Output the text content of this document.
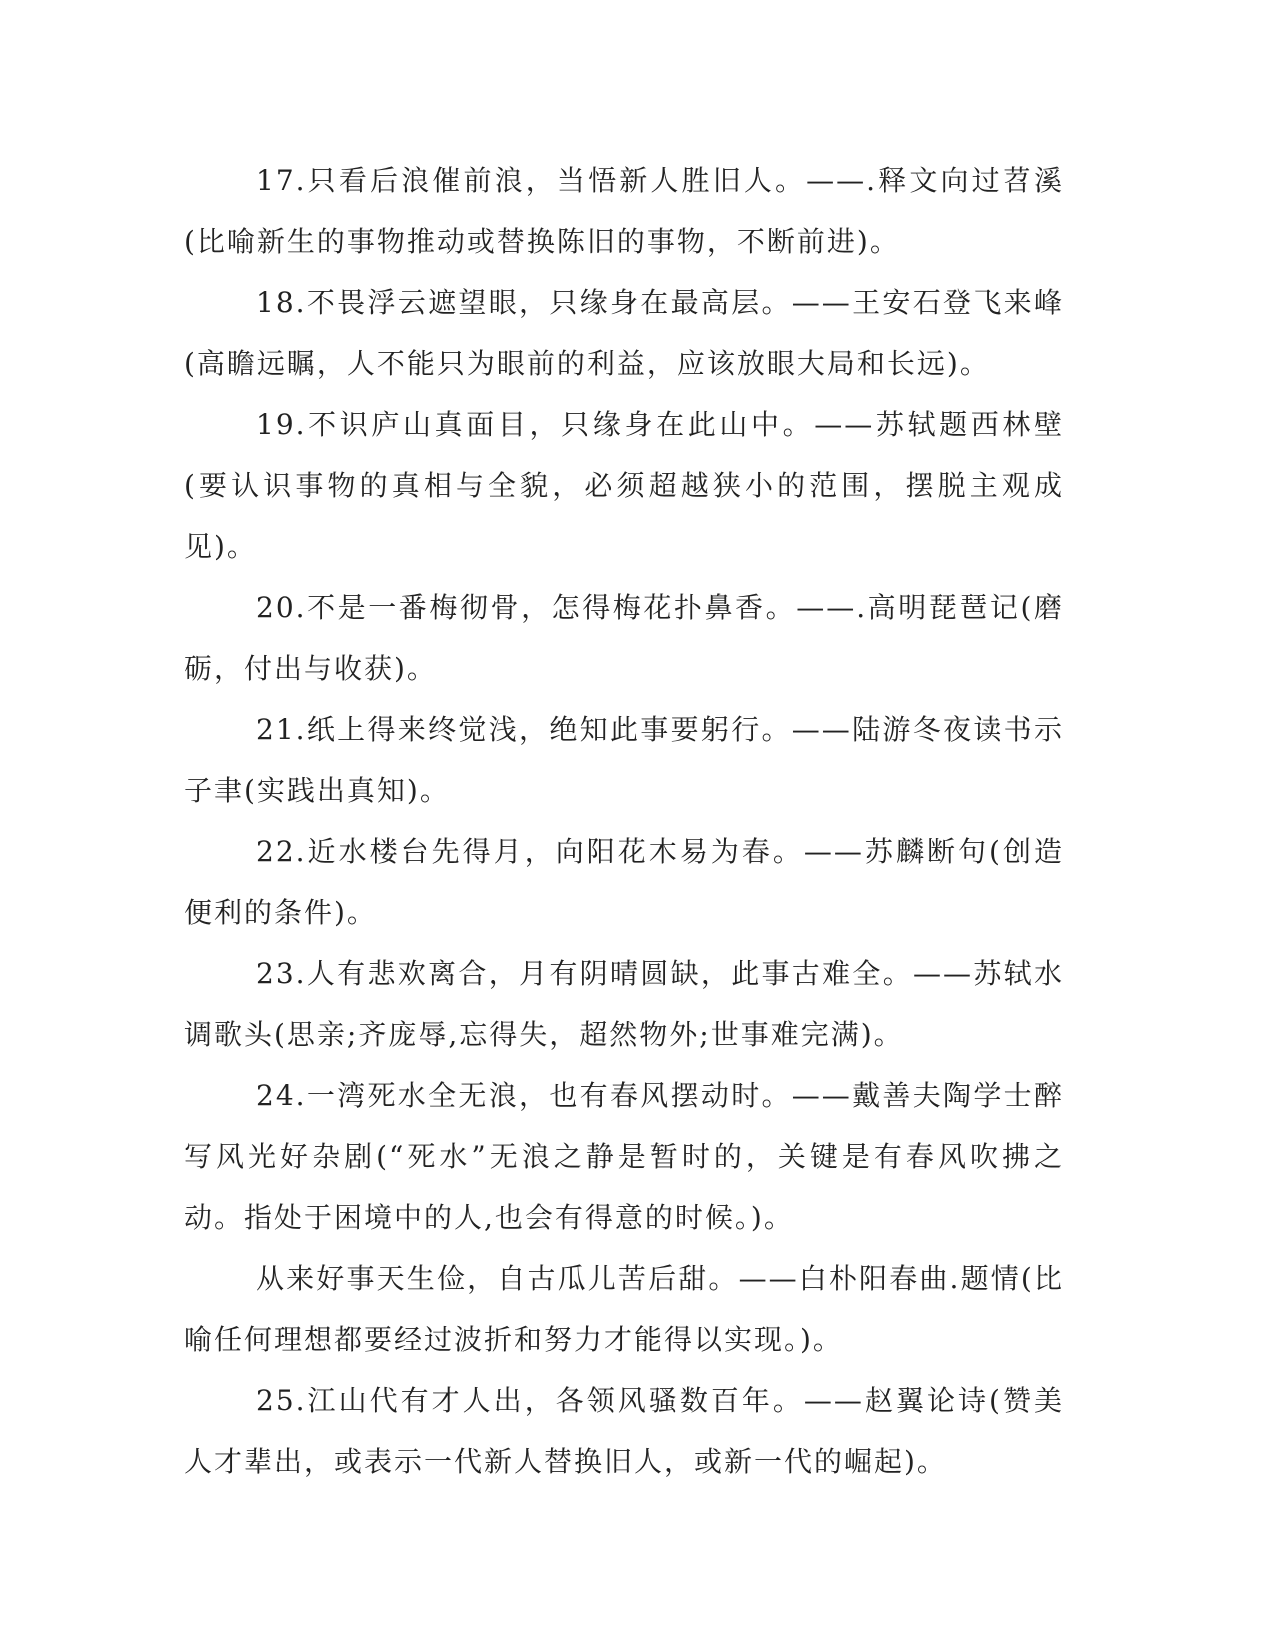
17.只看后浪催前浪，当悟新人胜旧人。——.释文向过苕溪(比喻新生的事物推动或替换陈旧的事物，不断前进)。

18.不畏浮云遮望眼，只缘身在最高层。——王安石登飞来峰(高瞻远瞩，人不能只为眼前的利益，应该放眼大局和长远)。

19.不识庐山真面目，只缘身在此山中。——苏轼题西林壁(要认识事物的真相与全貌，必须超越狭小的范围，摆脱主观成见)。

20.不是一番梅彻骨，怎得梅花扑鼻香。——.高明琵琶记(磨砺，付出与收获)。

21.纸上得来终觉浅，绝知此事要躬行。——陆游冬夜读书示子聿(实践出真知)。

22.近水楼台先得月，向阳花木易为春。——苏麟断句(创造便利的条件)。

23.人有悲欢离合，月有阴晴圆缺，此事古难全。——苏轼水调歌头(思亲;齐庞辱,忘得失，超然物外;世事难完满)。

24.一湾死水全无浪，也有春风摆动时。——戴善夫陶学士醉写风光好杂剧(“死水”无浪之静是暂时的，关键是有春风吹拂之动。指处于困境中的人,也会有得意的时候。)。

从来好事天生俭，自古瓜儿苦后甜。——白朴阳春曲.题情(比喻任何理想都要经过波折和努力才能得以实现。)。

25.江山代有才人出，各领风骚数百年。——赵翼论诗(赞美人才辈出，或表示一代新人替换旧人，或新一代的崛起)。
